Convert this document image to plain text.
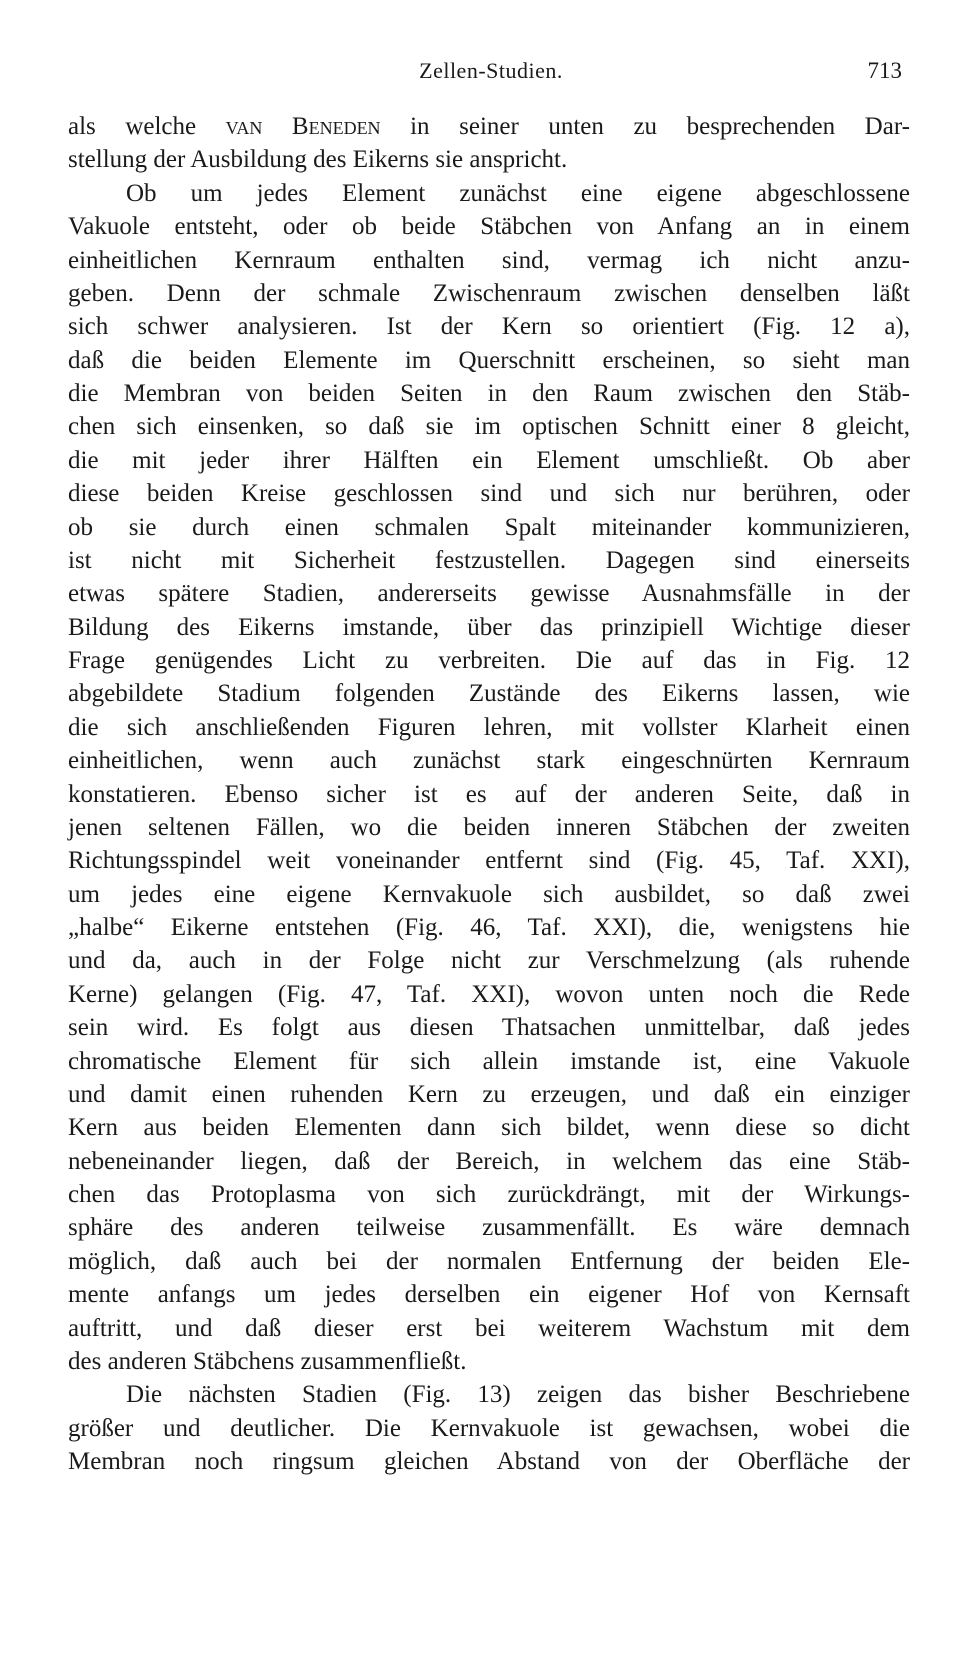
Zellen-Studien.	713
als welche van Beneden in seiner unten zu besprechenden Dar-
stellung der Ausbildung des Eikerns sie anspricht.
Ob um jedes Element zunächst eine eigene abgeschlossene
Vakuole entsteht, oder ob beide Stäbchen von Anfang an in einem
einheitlichen Kernraum enthalten sind, vermag ich nicht anzu-
geben. Denn der schmale Zwischenraum zwischen denselben läßt
sich schwer analysieren. Ist der Kern so orientiert (Fig. 12 a),
daß die beiden Elemente im Querschnitt erscheinen, so sieht man
die Membran von beiden Seiten in den Raum zwischen den Stäb-
chen sich einsenken, so daß sie im optischen Schnitt einer 8 gleicht,
die mit jeder ihrer Hälften ein Element umschließt. Ob aber
diese beiden Kreise geschlossen sind und sich nur berühren, oder
ob sie durch einen schmalen Spalt miteinander kommunizieren,
ist nicht mit Sicherheit festzustellen. Dagegen sind einerseits
etwas spätere Stadien, andererseits gewisse Ausnahmsfälle in der
Bildung des Eikerns imstande, über das prinzipiell Wichtige dieser
Frage genügendes Licht zu verbreiten. Die auf das in Fig. 12
abgebildete Stadium folgenden Zustände des Eikerns lassen, wie
die sich anschließenden Figuren lehren, mit vollster Klarheit einen
einheitlichen, wenn auch zunächst stark eingeschnürten Kernraum
konstatieren. Ebenso sicher ist es auf der anderen Seite, daß in
jenen seltenen Fällen, wo die beiden inneren Stäbchen der zweiten
Richtungsspindel weit voneinander entfernt sind (Fig. 45, Taf. XXI),
um jedes eine eigene Kernvakuole sich ausbildet, so daß zwei
„halbe“ Eikerne entstehen (Fig. 46, Taf. XXI), die, wenigstens hie
und da, auch in der Folge nicht zur Verschmelzung (als ruhende
Kerne) gelangen (Fig. 47, Taf. XXI), wovon unten noch die Rede
sein wird. Es folgt aus diesen Thatsachen unmittelbar, daß jedes
chromatische Element für sich allein imstande ist, eine Vakuole
und damit einen ruhenden Kern zu erzeugen, und daß ein einziger
Kern aus beiden Elementen dann sich bildet, wenn diese so dicht
nebeneinander liegen, daß der Bereich, in welchem das eine Stäb-
chen das Protoplasma von sich zurückdrängt, mit der Wirkungs-
sphäre des anderen teilweise zusammenfällt. Es wäre demnach
möglich, daß auch bei der normalen Entfernung der beiden Ele-
mente anfangs um jedes derselben ein eigener Hof von Kernsaft
auftritt, und daß dieser erst bei weiterem Wachstum mit dem
des anderen Stäbchens zusammenfließt.
Die nächsten Stadien (Fig. 13) zeigen das bisher Beschriebene
größer und deutlicher. Die Kernvakuole ist gewachsen, wobei die
Membran noch ringsum gleichen Abstand von der Oberfläche der
